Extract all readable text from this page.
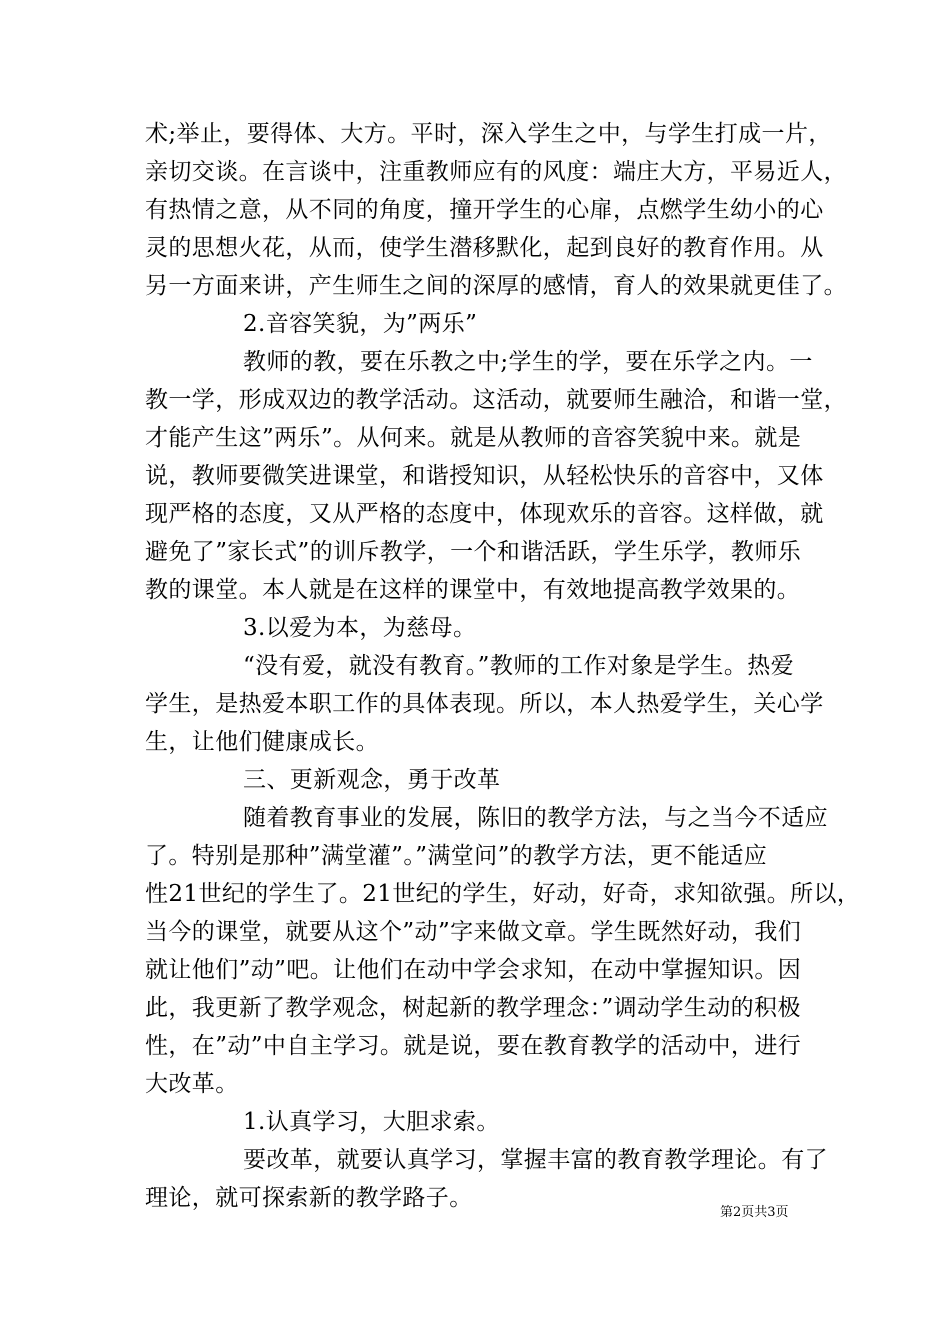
术;举止，要得体、大方。平时，深入学生之中，与学生打成一片，
亲切交谈。在言谈中，注重教师应有的风度：端庄大方，平易近人，
有热情之意，从不同的角度，撞开学生的心扉，点燃学生幼小的心
灵的思想火花，从而，使学生潜移默化，起到良好的教育作用。从
另一方面来讲，产生师生之间的深厚的感情，育人的效果就更佳了。
2.音容笑貌，为”两乐”
教师的教，要在乐教之中;学生的学，要在乐学之内。一
教一学，形成双边的教学活动。这活动，就要师生融洽，和谐一堂，
才能产生这”两乐”。从何来。就是从教师的音容笑貌中来。就是
说，教师要微笑进课堂，和谐授知识，从轻松快乐的音容中，又体
现严格的态度，又从严格的态度中，体现欢乐的音容。这样做，就
避免了”家长式”的训斥教学，一个和谐活跃，学生乐学，教师乐
教的课堂。本人就是在这样的课堂中，有效地提高教学效果的。
3.以爱为本，为慈母。
“没有爱，就没有教育。”教师的工作对象是学生。热爱
学生，是热爱本职工作的具体表现。所以，本人热爱学生，关心学
生，让他们健康成长。
三、更新观念，勇于改革
随着教育事业的发展，陈旧的教学方法，与之当今不适应
了。特别是那种”满堂灌”。”满堂问”的教学方法，更不能适应
性21世纪的学生了。21世纪的学生，好动，好奇，求知欲强。所以，
当今的课堂，就要从这个”动”字来做文章。学生既然好动，我们
就让他们”动”吧。让他们在动中学会求知，在动中掌握知识。因
此，我更新了教学观念，树起新的教学理念：”调动学生动的积极
性，在”动”中自主学习。就是说，要在教育教学的活动中，进行
大改革。
1.认真学习，大胆求索。
要改革，就要认真学习，掌握丰富的教育教学理论。有了
理论，就可探索新的教学路子。
第2页共3页
